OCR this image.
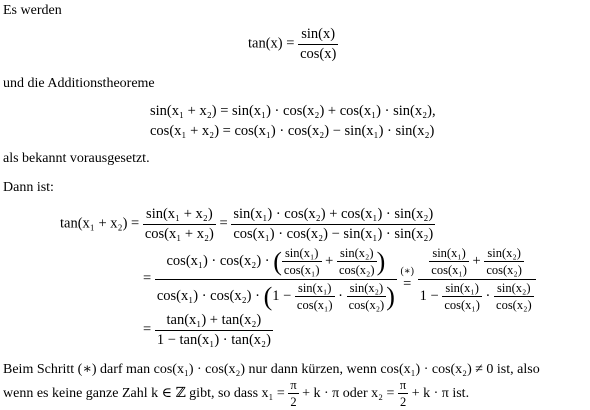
Es werden
$\tan(x) = \frac{\sin(x)}{\cos(x)}$
und die Additionstheoreme
sin(x₁ + x₂) = sin(x₁) · cos(x₂) + cos(x₁) · sin(x₂),
cos(x₁ + x₂) = cos(x₁) · cos(x₂) − sin(x₁) · sin(x₂)
als bekannt vorausgesetzt.
Dann ist:
$\tan(x_1 + x_2) = \frac{\text{sin(x₁ + x₂)}}{\text{cos(x₁ + x₂)}} = \frac{\text{sin(x₁) · cos(x₂) + cos(x₁) · sin(x₂)}}{\text{cos(x₁) · cos(x₂) − sin(x₁) · sin(x₂)}}$
=
cos(x₁) · cos(x₂) · ( $\frac{\text{sin(x₁)}}{\text{cos(x₁)}} + \frac{\text{sin(x₂)}}{\text{cos(x₂)}}$ )
$\cos(x_1) \cdot \cos(x_2) \cdot (1 - \frac{\text{sin(x₁)}}{\text{cos(x₁)}} \cdot \frac{\text{sin(x₂)}}{\text{cos(x₂)}}$ )

(∗)
=
$\frac{\frac{\text{sin(x₁)}}{\text{cos(x₁)}} + \frac{\text{sin(x₂)}}{\text{cos(x₂)}}}{1 - \frac{\text{sin(x₁)}}{\text{cos(x₁)}} \cdot \frac{\text{sin(x₂)}}{\text{cos(x₂)}}}$
= $\frac{\text{tan(x₁) + tan(x₂)}}{\text{1 − tan(x₁) · tan(x₂)}}$
Beim Schritt (∗) darf man cos(x₁) · cos(x₂) nur dann kürzen, wenn cos(x₁) · cos(x₂) ≠ 0 ist, also
wenn es keine ganze Zahl k ∈ ℤ gibt, so dass $x_1 = \frac{\pi}{2} + k \cdot \pi$ oder $x_2 = \frac{\pi}{2} + k \cdot \pi$ ist.
